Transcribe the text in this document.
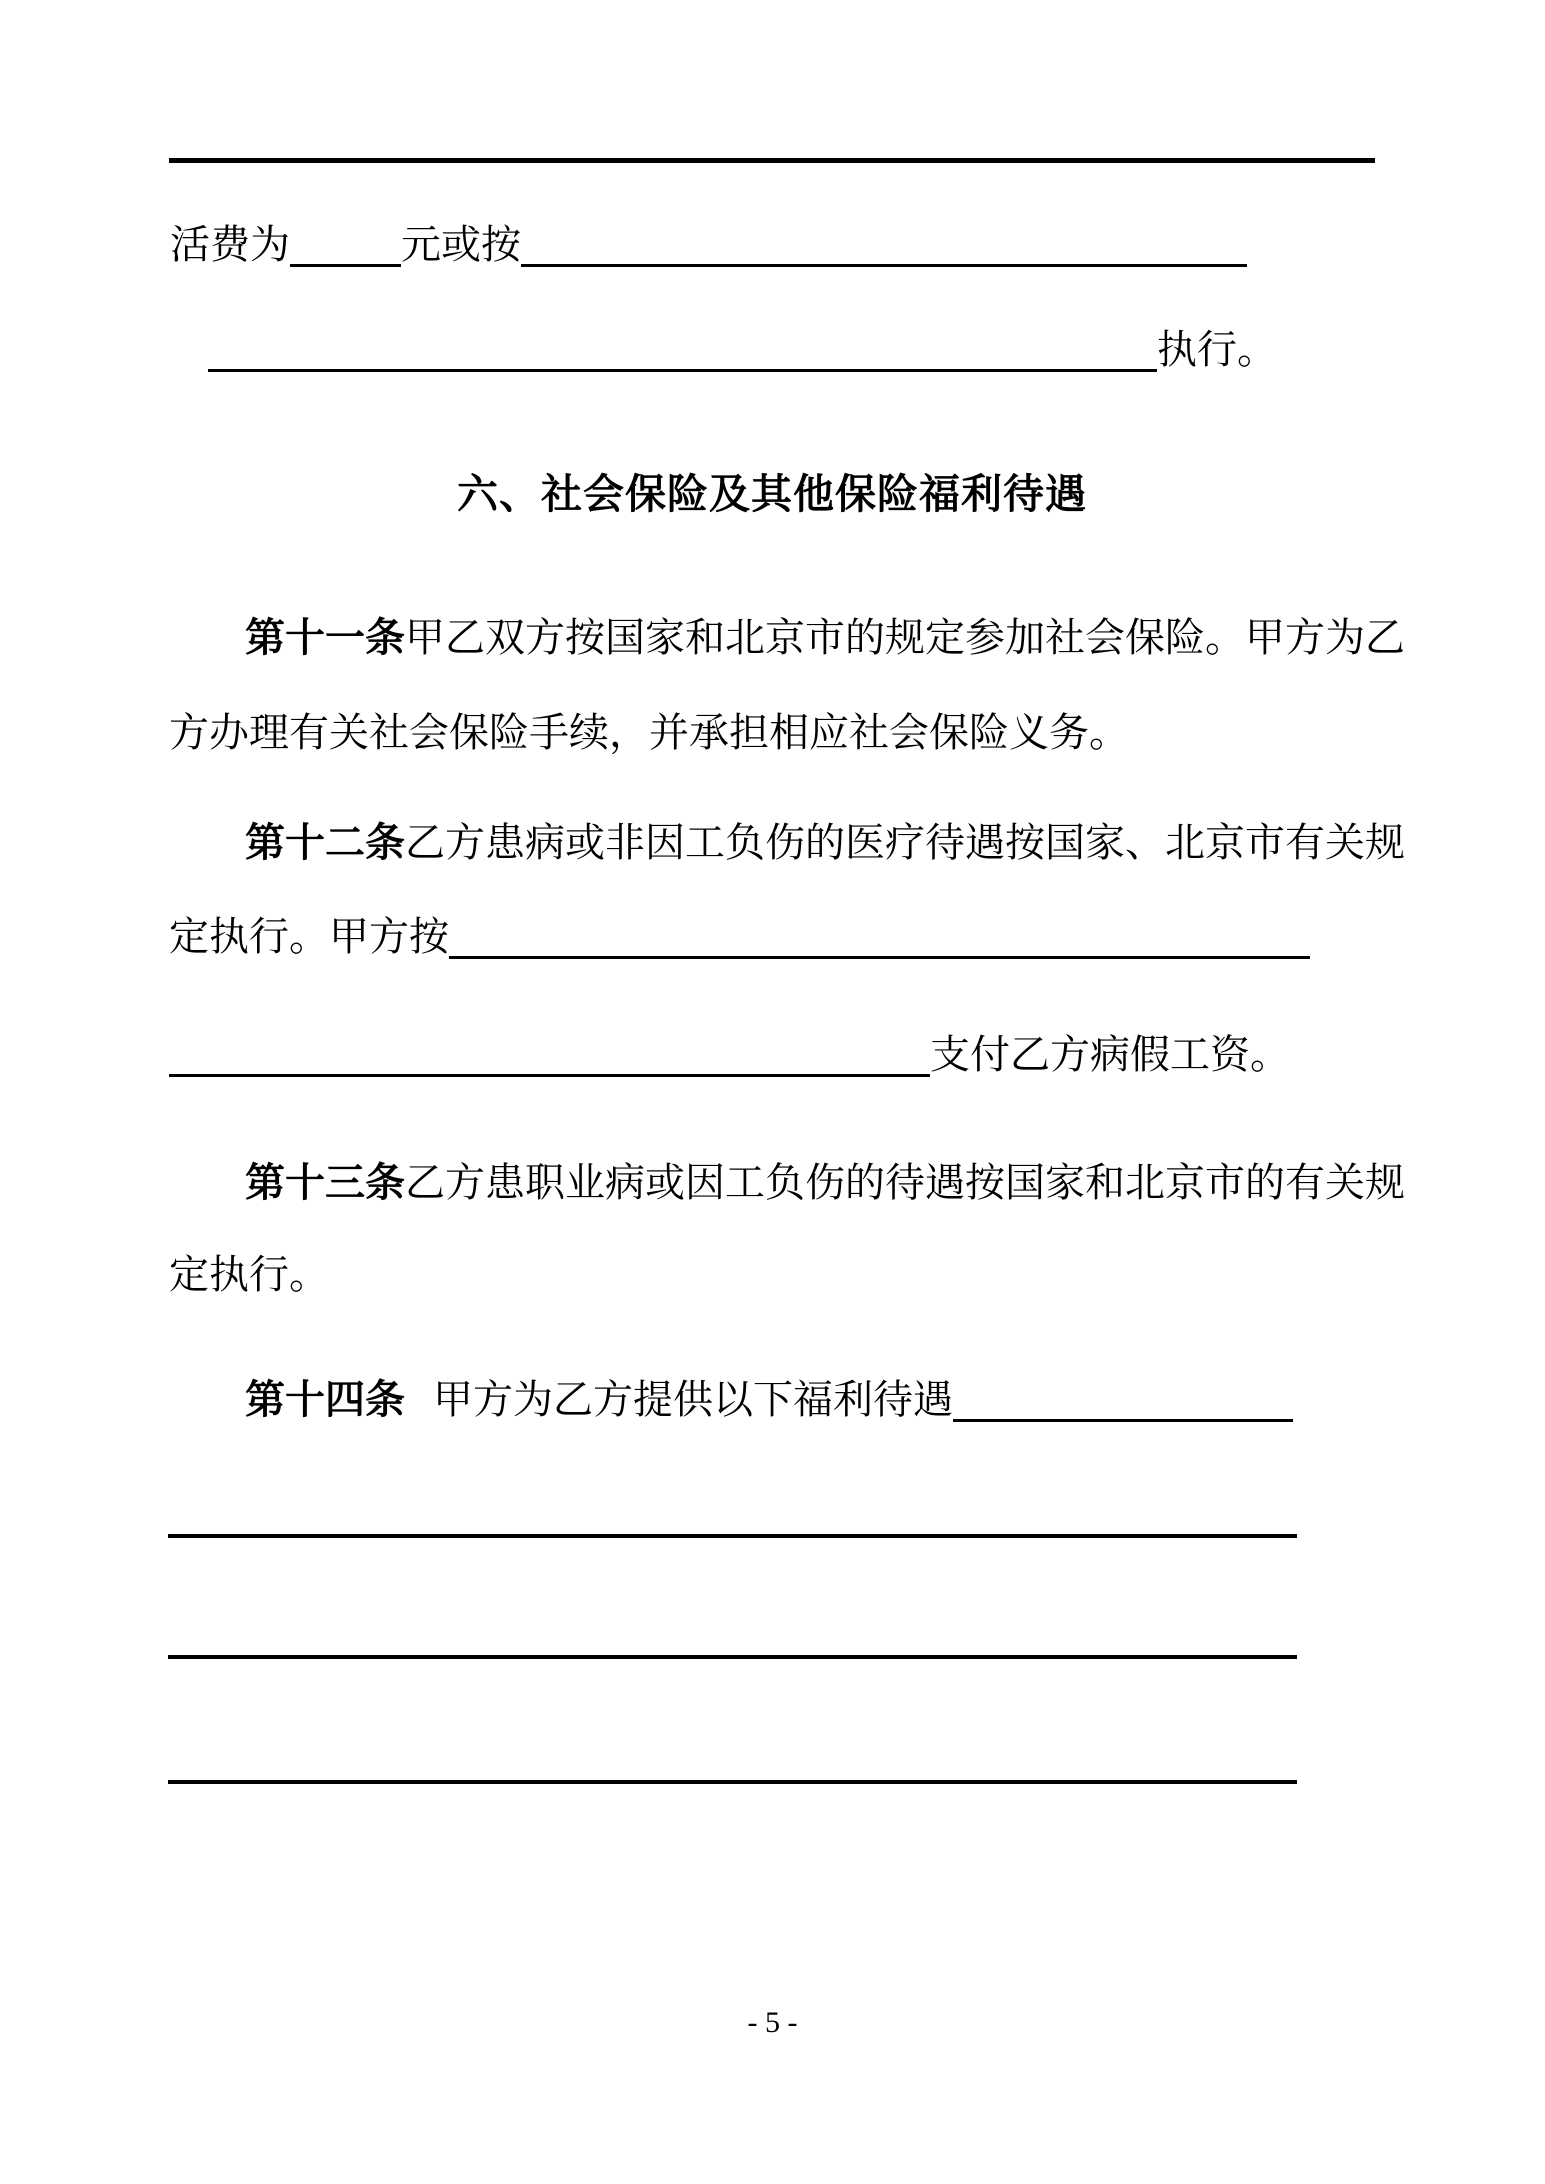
活费为	元或按
执行。
六、社会保险及其他保险福利待遇
第十一条 甲乙双方按国家和北京市的规定参加社会保险。甲方为乙
方办理有关社会保险手续，并承担相应社会保险义务。
第十二条 乙方患病或非因工负伤的医疗待遇按国家、北京市有关规
定执行。甲方按
支付乙方病假工资。
第十三条 乙方患职业病或因工负伤的待遇按国家和北京市的有关规
定执行。
第十四条 甲方为乙方提供以下福利待遇
- 5 -
